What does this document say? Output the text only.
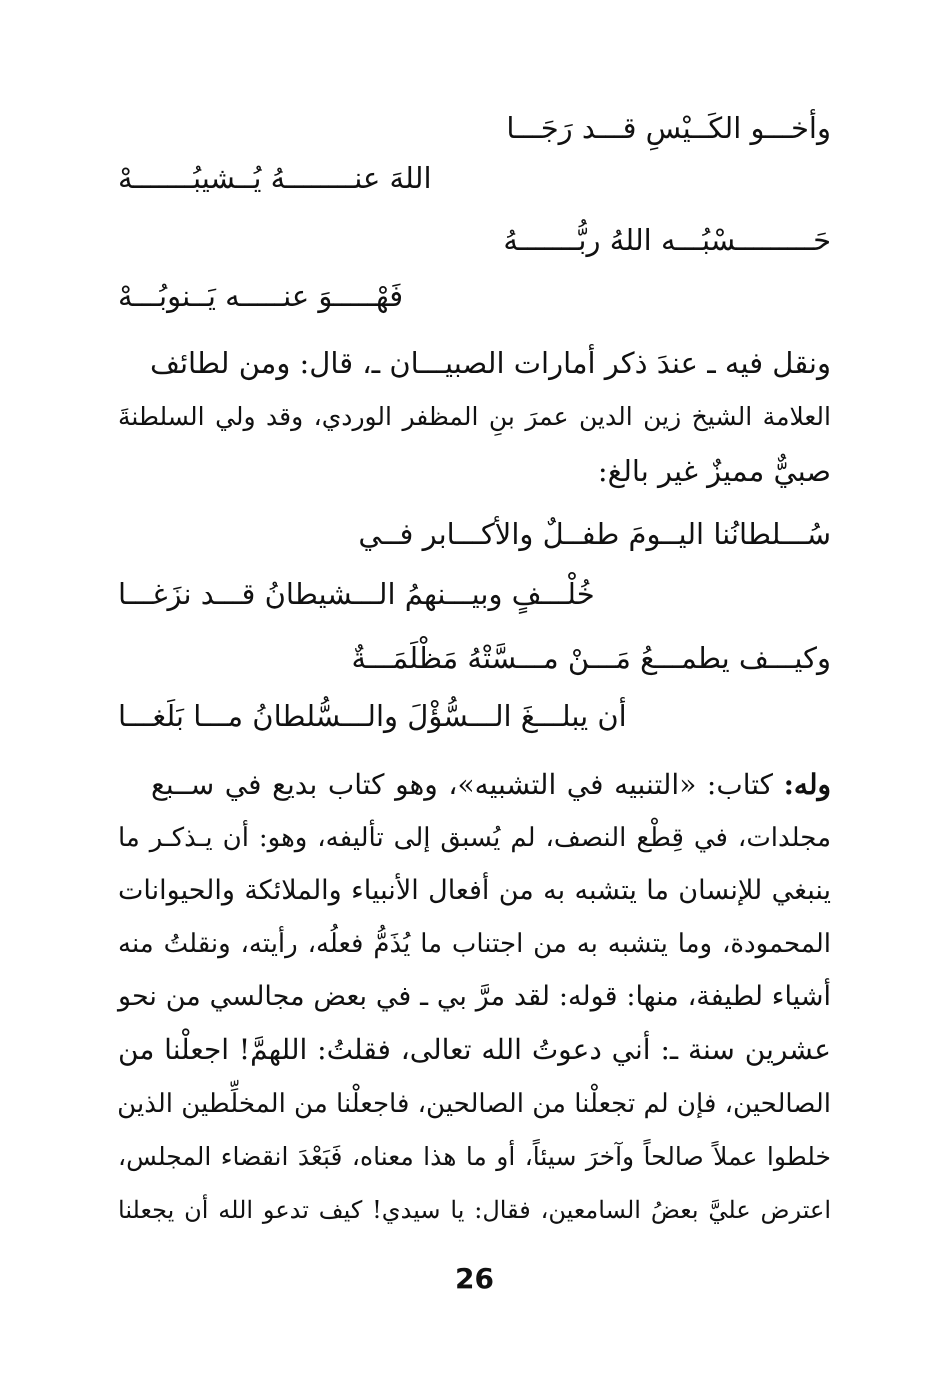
وأخـــو الكَــيْسِ قـــد رَجَـــا
اللهَ عنــــــــهُ يُــشيبُـــــــهْ
حَـــــــــسْبُـــه اللهُ ربُّـــــــهُ
فَهْـــــوَ عنـــــه يَــنوبُـــهْ
ونقل فيه ـ عندَ ذكر أمارات الصبيـــان ـ، قال: ومن لطائف
العلامة الشيخ زين الدين عمرَ بنِ المظفر الوردي، وقد ولي السلطنةَ
صبيٌّ مميزٌ غير بالغ:
سُـــلطانُنا اليــومَ طفــلٌ والأكـــابر فــي
خُلْـــفٍ وبيـــنهمُ الـــشيطانُ قـــد نزَغـــا
وكيـــف يطمـــعُ مَـــنْ مـــسَّتْهُ مَظْلَمَـــةٌ
أن يبلـــغَ الـــسُّؤْلَ والـــسُّلطانُ مـــا بَلَغـــا
وله: كتاب: «التنبيه في التشبيه»، وهو كتاب بديع في ســبع
مجلدات، في قِطْع النصف، لم يُسبق إلى تأليفه، وهو: أن يـذكـر ما
ينبغي للإنسان ما يتشبه به من أفعال الأنبياء والملائكة والحيوانات
المحمودة، وما يتشبه به من اجتناب ما يُذَمُّ فعلُه، رأيته، ونقلتُ منه
أشياء لطيفة، منها: قوله: لقد مرَّ بي ـ في بعض مجالسي من نحو
عشرين سنة ـ: أني دعوتُ الله تعالى، فقلتُ: اللهمَّ! اجعلْنا من
الصالحين، فإن لم تجعلْنا من الصالحين، فاجعلْنا من المخلِّطين الذين
خلطوا عملاً صالحاً وآخرَ سيئاً، أو ما هذا معناه، فَبَعْدَ انقضاء المجلس،
اعترض عليَّ بعضُ السامعين، فقال: يا سيدي! كيف تدعو الله أن يجعلنا
26
